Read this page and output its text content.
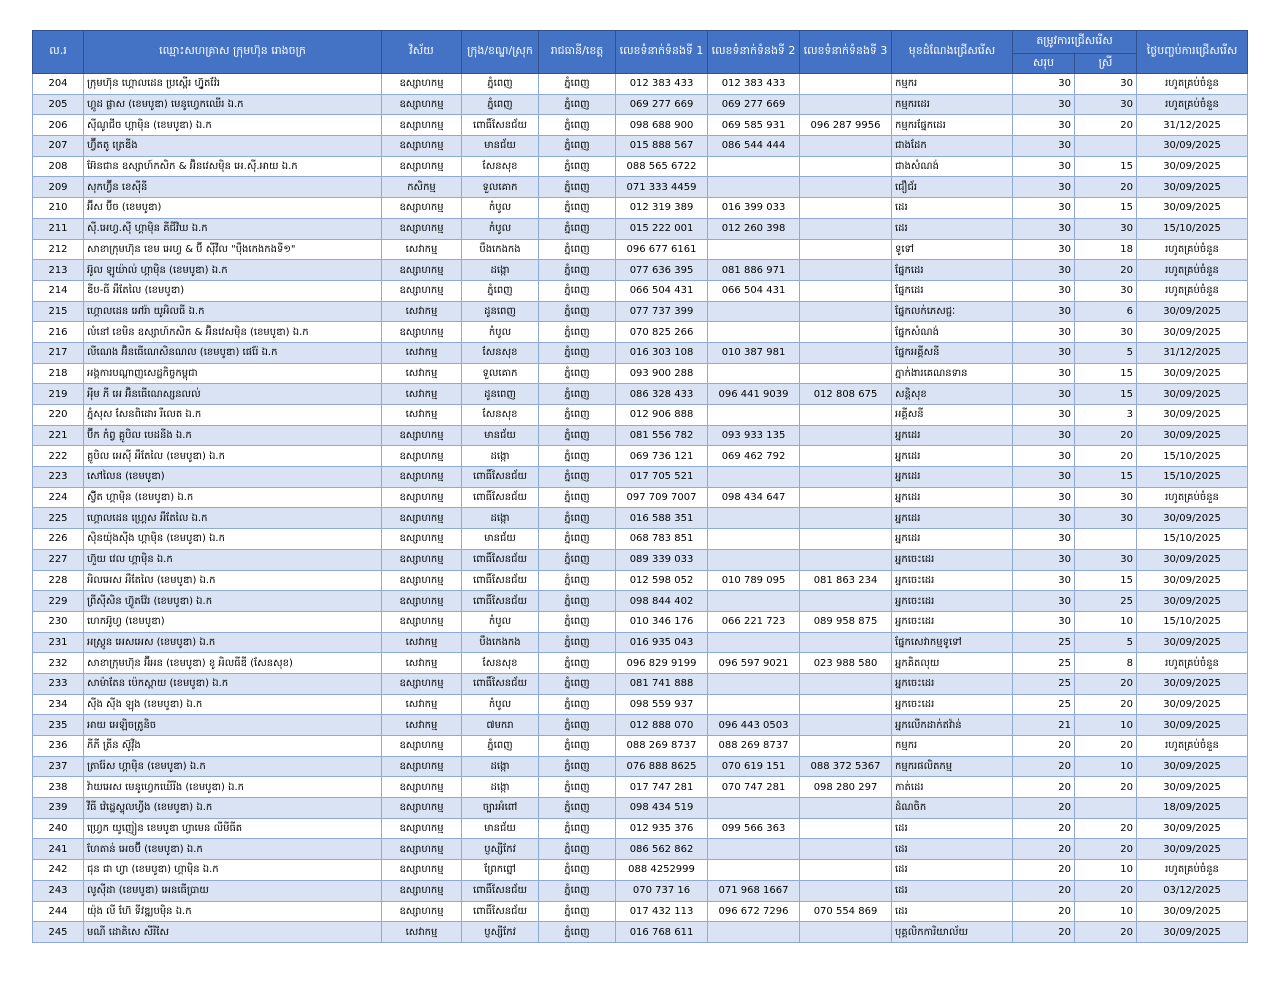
ល.រ	ឈ្មោះសហគ្រាស ក្រុមហ៊ុន រោងចក្រ	វិស័យ	ក្រុង/ខណ្ឌ/ស្រុក	រាជធានី/ខេត្ត	លេខទំនាក់ទំនងទី 1	លេខទំនាក់ទំនងទី 2	លេខទំនាក់ទំនងទី 3	មុខដំណែងជ្រើសរើស	តម្រូវការជ្រើសរើស		ថ្ងៃបញ្ចប់ការជ្រើសរើស
									សរុប	ស្រី	
204	ក្រុមហ៊ុន ហ្គោលដេន ប្រស្ពើរ ហ្វ៊ូតវ៉ែរ	ឧស្សាហកម្ម	ភ្នំពេញ	ភ្នំពេញ	012 383 433	012 383 433		កម្មករ	30	30	រហូតគ្រប់ចំនួន
205	ហ្គូដ ផ្លាស (ខេមបូឌា) មេនូហ្វេកឈើរ ឯ.ក	ឧស្សាហកម្ម	ភ្នំពេញ	ភ្នំពេញ	069 277 669	069 277 669		កម្មករដេរ	30	30	រហូតគ្រប់ចំនួន
206	ស៊ីណូជីច ហ្គាម៉ិន (ខេមបូឌា) ឯ.ក	ឧស្សាហកម្ម	ពោធិ៍សែនជ័យ	ភ្នំពេញ	098 688 900	069 585 931	096 287 9956	កម្មករផ្នែកដេរ	30	20	31/12/2025
207	ហ្វ៊ីតតូ ត្រេឌីង	ឧស្សាហកម្ម	មានជ័យ	ភ្នំពេញ	015 888 567	086 544 444		ជាងដែក	30		30/09/2025
208	អ៊ែនជាន ឧស្សាហ៍កសិក & អ៊ិនវេសម៉ិន អេ.ស៊ី.អាយ ឯ.ក	ឧស្សាហកម្ម	សែនសុខ	ភ្នំពេញ	088 565 6722			ជាងសំណង់	30	15	30/09/2025
209	សុកហ្វ៊ីន ខេស៊ីនី	កសិកម្ម	ទួលគោក	ភ្នំពេញ	071 333 4459			ជឿជ័រ	30	20	30/09/2025
210	អ៊ីស ប៊ីច (ខេមបូឌា)	ឧស្សាហកម្ម	កំបូល	ភ្នំពេញ	012 319 389	016 399 033		ដេរ	30	15	30/09/2025
211	ស៊ី.អេហ្វ.ស៊ី ហ្គាម៉ិន គីជីវិឃ ឯ.ក	ឧស្សាហកម្ម	កំបូល	ភ្នំពេញ	015 222 001	012 260 398		ដេរ	30	30	15/10/2025
212	សាខាក្រុមហ៊ុន ខេម អេហ្វ & ប៊ី ស៊ីវីល "ប៉ឹងកេងកងទី១"	សេវាកម្ម	បឹងកេងកង	ភ្នំពេញ	096 677 6161			ទូទៅ	30	18	រហូតគ្រប់ចំនួន
213	អ៊ូល ឡូយ៉ាល់ ហ្គាម៉ិន (ខេមបូឌា) ឯ.ក	ឧស្សាហកម្ម	ដង្កោ	ភ្នំពេញ	077 636 395	081 886 971		ផ្នែកដេរ	30	20	រហូតគ្រប់ចំនួន
214	ឌីប-ធី អឹតែលៃ (ខេមបូឌា)	ឧស្សាហកម្ម	ភ្នំពេញ	ភ្នំពេញ	066 504 431	066 504 431		ផ្នែកដេរ	30	30	រហូតគ្រប់ចំនួន
215	ហ្គោលដេន អៅរ៉ា យូអិលធី ឯ.ក	សេវាកម្ម	ដូនពេញ	ភ្នំពេញ	077 737 399			ផ្នែកលក់ភេសជ្ជៈ	30	6	30/09/2025
216	លំនៅ ខេមិន ឧស្សាហ៍កសិក & អ៊ិនវេសម៉ិន (ខេមបូឌា) ឯ.ក	ឧស្សាហកម្ម	កំបូល	ភ្នំពេញ	070 825 266			ផ្នែកសំណង់	30	30	30/09/2025
217	លីណេង អ៊ិនធើណេសិនណល (ខេមបូឌា) ផេរ៉ែ ឯ.ក	សេវាកម្ម	សែនសុខ	ភ្នំពេញ	016 303 108	010 387 981		ផ្នែកអគ្គីសនី	30	5	31/12/2025
218	អង្គការបណ្តាញសេដ្ឋកិច្ចកម្ពុជា	សេវាកម្ម	ទួលគោក	ភ្នំពេញ	093 900 288			ភ្នាក់ងារគេណនទាន	30	15	30/09/2025
219	អុីម ភី អេ អ៊ិនធើណេស្សនលល់	សេវាកម្ម	ដូនពេញ	ភ្នំពេញ	086 328 433	096 441 9039	012 808 675	សន្តិសុខ	30	15	30/09/2025
220	ភ្នំសុស សែនពិដោរ រីលេត ឯ.ក	សេវាកម្ម	សែនសុខ	ភ្នំពេញ	012 906 888			អគ្គីសនី	30	3	30/09/2025
221	ប៊ីក កំព្វ គ្លូបិល បេដនីង ឯ.ក	ឧស្សាហកម្ម	មានជ័យ	ភ្នំពេញ	081 556 782	093 933 135		អ្នកដេរ	30	20	30/09/2025
222	គ្លូបិល អេស៊ី អឹតែលៃ (ខេមបូឌា) ឯ.ក	ឧស្សាហកម្ម	ដង្កោ	ភ្នំពេញ	069 736 121	069 462 792		អ្នកដេរ	30	20	15/10/2025
223	សៅលៃន (ខេមបូឌា)	ឧស្សាហកម្ម	ពោធិ៍សែនជ័យ	ភ្នំពេញ	017 705 521			អ្នកដេរ	30	15	15/10/2025
224	ស៊្វីត ហ្គាម៉ិន (ខេមបូឌា) ឯ.ក	ឧស្សាហកម្ម	ពោធិ៍សែនជ័យ	ភ្នំពេញ	097 709 7007	098 434 647		អ្នកដេរ	30	30	រហូតគ្រប់ចំនួន
225	ហ្គោលដេន ហ្គ្រេស អឹតែលៃ ឯ.ក	ឧស្សាហកម្ម	ដង្កោ	ភ្នំពេញ	016 588 351			អ្នកដេរ	30	30	30/09/2025
226	ស៊ិនយ៉ុងស៊ីង ហ្គាម៉ិន (ខេមបូឌា) ឯ.ក	ឧស្សាហកម្ម	មានជ័យ	ភ្នំពេញ	068 783 851			អ្នកដេរ	30		15/10/2025
227	ហ៊ួយ វេល ហ្គាម៉ិន ឯ.ក	ឧស្សាហកម្ម	ពោធិ៍សែនជ័យ	ភ្នំពេញ	089 339 033			អ្នកចេះដេរ	30	30	30/09/2025
228	អិលអេស អឹតែលៃ (ខេមបូឌា) ឯ.ក	ឧស្សាហកម្ម	ពោធិ៍សែនជ័យ	ភ្នំពេញ	012 598 052	010 789 095	081 863 234	អ្នកចេះដេរ	30	15	30/09/2025
229	ព្រីស៊ីសិន ហ៊្វូតវ៉ែរ (ខេមបូឌា) ឯ.ក	ឧស្សាហកម្ម	ពោធិ៍សែនជ័យ	ភ្នំពេញ	098 844 402			អ្នកចេះដេរ	30	25	30/09/2025
230	ហេកអ៊ូហ្វ (ខេមបូឌា)	ឧស្សាហកម្ម	កំបូល	ភ្នំពេញ	010 346 176	066 221 723	089 958 875	អ្នកចេះដេរ	30	10	15/10/2025
231	អស្ត្រូន អេសអេស (ខេមបូឌា) ឯ.ក	សេវាកម្ម	បឹងកេងកង	ភ្នំពេញ	016 935 043			ផ្នែកសេវាកម្មទូទៅ	25	5	30/09/2025
232	សាខាក្រុមហ៊ុន អ៊ីអន (ខេមបូឌា) ខូ អិលធីឌី (សែនសុខ)	សេវាកម្ម	សែនសុខ	ភ្នំពេញ	096 829 9199	096 597 9021	023 988 580	អ្នកគិតលុយ	25	8	រហូតគ្រប់ចំនួន
233	សាម៉ាតែន ប៉េកស្តាយ (ខេមបូឌា) ឯ.ក	ឧស្សាហកម្ម	ពោធិ៍សែនជ័យ	ភ្នំពេញ	081 741 888			អ្នកចេះដេរ	25	20	30/09/2025
234	ស៊ីង ស៊ីង ឡុង (ខេមបូឌា) ឯ.ក	សេវាកម្ម	កំបូល	ភ្នំពេញ	098 559 937			អ្នកចេះដេរ	25	20	30/09/2025
235	អាយ អេឡិចត្រូនិច	សេវាកម្ម	៧មករា	ភ្នំពេញ	012 888 070	096 443 0503		អ្នកលើកដាក់ឥវ៉ាន់	21	10	30/09/2025
236	ភីភី ត្រីន ស៊ូវ៉ីង	ឧស្សាហកម្ម	ភ្នំពេញ	ភ្នំពេញ	088 269 8737	088 269 8737		កម្មករ	20	20	រហូតគ្រប់ចំនួន
237	ត្រារ៉ែស ហ្គាម៉ិន (ខេមបូឌា) ឯ.ក	ឧស្សាហកម្ម	ដង្កោ	ភ្នំពេញ	076 888 8625	070 619 151	088 372 5367	កម្មករផលិតកម្ម	20	10	30/09/2025
238	វ៉ាយអេស មេនូហ្វេកឃើរីង (ខេមបូឌា) ឯ.ក	ឧស្សាហកម្ម	ដង្កោ	ភ្នំពេញ	017 747 281	070 747 281	098 280 297	កាត់ដេរ	20	20	30/09/2025
239	វីធី វ៉េដ្ឋេស្ទុលហ្វីង (ខេមបូឌា) ឯ.ក	ឧស្សាហកម្ម	ច្បារអំពៅ	ភ្នំពេញ	098 434 519			ដំណចិក	20		18/09/2025
240	ហ្វ្រេក យូញៀន ខេមបូឌា ហ្វាមេន លីមីធីត	ឧស្សាហកម្ម	មានជ័យ	ភ្នំពេញ	012 935 376	099 566 363		ដេរ	20	20	30/09/2025
241	ហែតាន់ អេចប៊ី (ខេមបូឌា) ឯ.ក	ឧស្សាហកម្ម	ប្ញស្សីកែវ	ភ្នំពេញ	086 562 862			ដេរ	20	20	30/09/2025
242	ជុន ជា ហ្វា (ខេមបូឌា) ហ្គាម៉ិន ឯ.ក	ឧស្សាហកម្ម	ព្រែកព្នៅ	ភ្នំពេញ	088 4252999			ដេរ	20	10	រហូតគ្រប់ចំនួន
243	លូស៊ីដា (ខេមបូឌា) អេនធើប្រាយ	ឧស្សាហកម្ម	ពោធិ៍សែនជ័យ	ភ្នំពេញ	070 737 16	071 968 1667		ដេរ	20	20	03/12/2025
244	យ៉ុង លី ហ៊ែ ទីវឌ្ឍបម៉ិន ឯ.ក	ឧស្សាហកម្ម	ពោធិ៍សែនជ័យ	ភ្នំពេញ	017 432 113	096 672 7296	070 554 869	ដេរ	20	10	30/09/2025
245	មណី ដោគិសេ សីរីសែ	សេវាកម្ម	ប្ញស្សីកែវ	ភ្នំពេញ	016 768 611			បុគ្គលិកការិយាល័យ	20	20	30/09/2025
